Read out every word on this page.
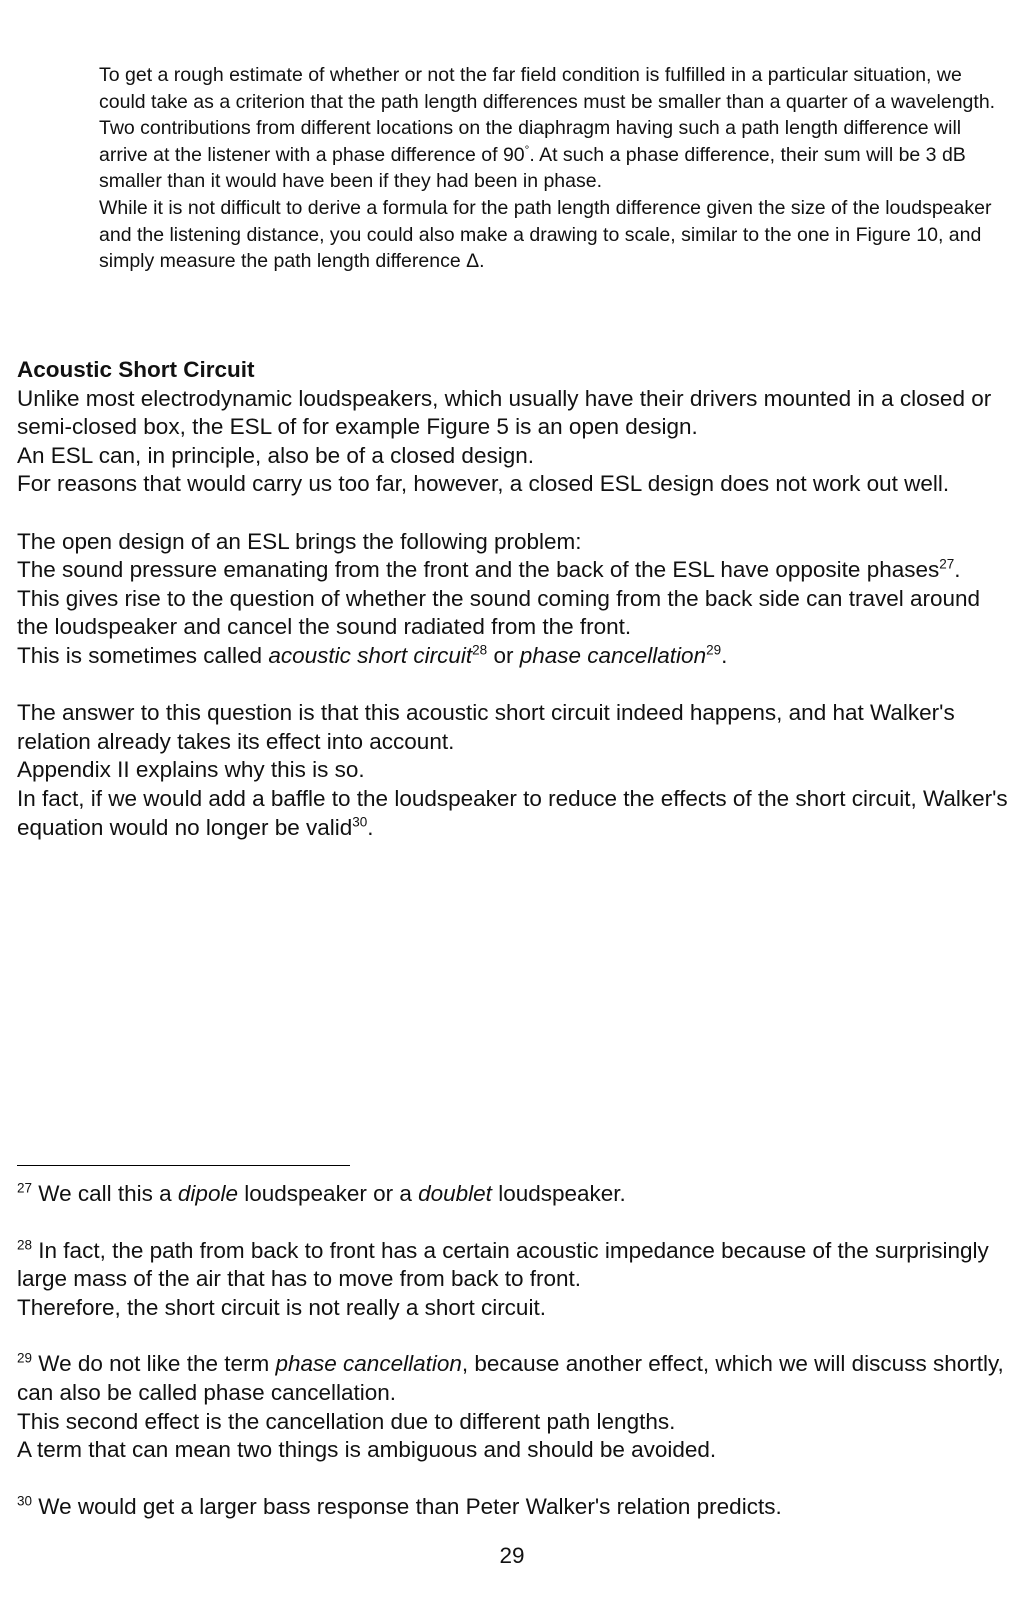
To get a rough estimate of whether or not the far field condition is fulfilled in a particular situation, we could take as a criterion that the path length differences must be smaller than a quarter of a wavelength. Two contributions from different locations on the diaphragm having such a path length difference will arrive at the listener with a phase difference of 90°. At such a phase difference, their sum will be 3 dB smaller than it would have been if they had been in phase.

While it is not difficult to derive a formula for the path length difference given the size of the loudspeaker and the listening distance, you could also make a drawing to scale, similar to the one in Figure 10, and simply measure the path length difference Δ.

Acoustic Short Circuit

Unlike most electrodynamic loudspeakers, which usually have their drivers mounted in a closed or semi-closed box, the ESL of for example Figure 5 is an open design.

An ESL can, in principle, also be of a closed design.

For reasons that would carry us too far, however, a closed ESL design does not work out well.

The open design of an ESL brings the following problem:

The sound pressure emanating from the front and the back of the ESL have opposite phases$^{27}$.

This gives rise to the question of whether the sound coming from the back side can travel around the loudspeaker and cancel the sound radiated from the front.

This is sometimes called acoustic short circuit$^{28}$ or phase cancellation$^{29}$.

The answer to this question is that this acoustic short circuit indeed happens, and hat Walker's relation already takes its effect into account.

Appendix II explains why this is so.

In fact, if we would add a baffle to the loudspeaker to reduce the effects of the short circuit, Walker's equation would no longer be valid$^{30}$.

$^{27}$ We call this a dipole loudspeaker or a doublet loudspeaker.

$^{28}$ In fact, the path from back to front has a certain acoustic impedance because of the surprisingly large mass of the air that has to move from back to front.

Therefore, the short circuit is not really a short circuit.

$^{29}$ We do not like the term phase cancellation, because another effect, which we will discuss shortly, can also be called phase cancellation.

This second effect is the cancellation due to different path lengths.

A term that can mean two things is ambiguous and should be avoided.

$^{30}$ We would get a larger bass response than Peter Walker's relation predicts.

29
